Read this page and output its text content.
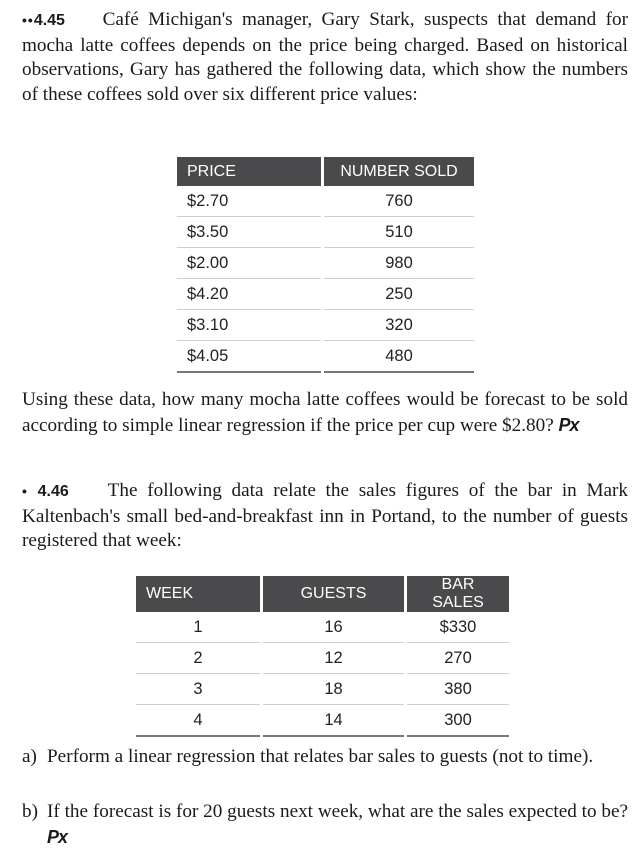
••4.45 Café Michigan's manager, Gary Stark, suspects that demand for mocha latte coffees depends on the price being charged. Based on historical observations, Gary has gathered the following data, which show the numbers of these coffees sold over six different price values:
PRICE	NUMBER SOLD
$2.70	760
$3.50	510
$2.00	980
$4.20	250
$3.10	320
$4.05	480
Using these data, how many mocha latte coffees would be forecast to be sold according to simple linear regression if the price per cup were $2.80? Px
• 4.46 The following data relate the sales figures of the bar in Mark Kaltenbach's small bed-and-breakfast inn in Portand, to the number of guests registered that week:
WEEK	GUESTS	BAR SALES
1	16	$330
2	12	270
3	18	380
4	14	300
a) Perform a linear regression that relates bar sales to guests (not to time).
b) If the forecast is for 20 guests next week, what are the sales expected to be? Px
